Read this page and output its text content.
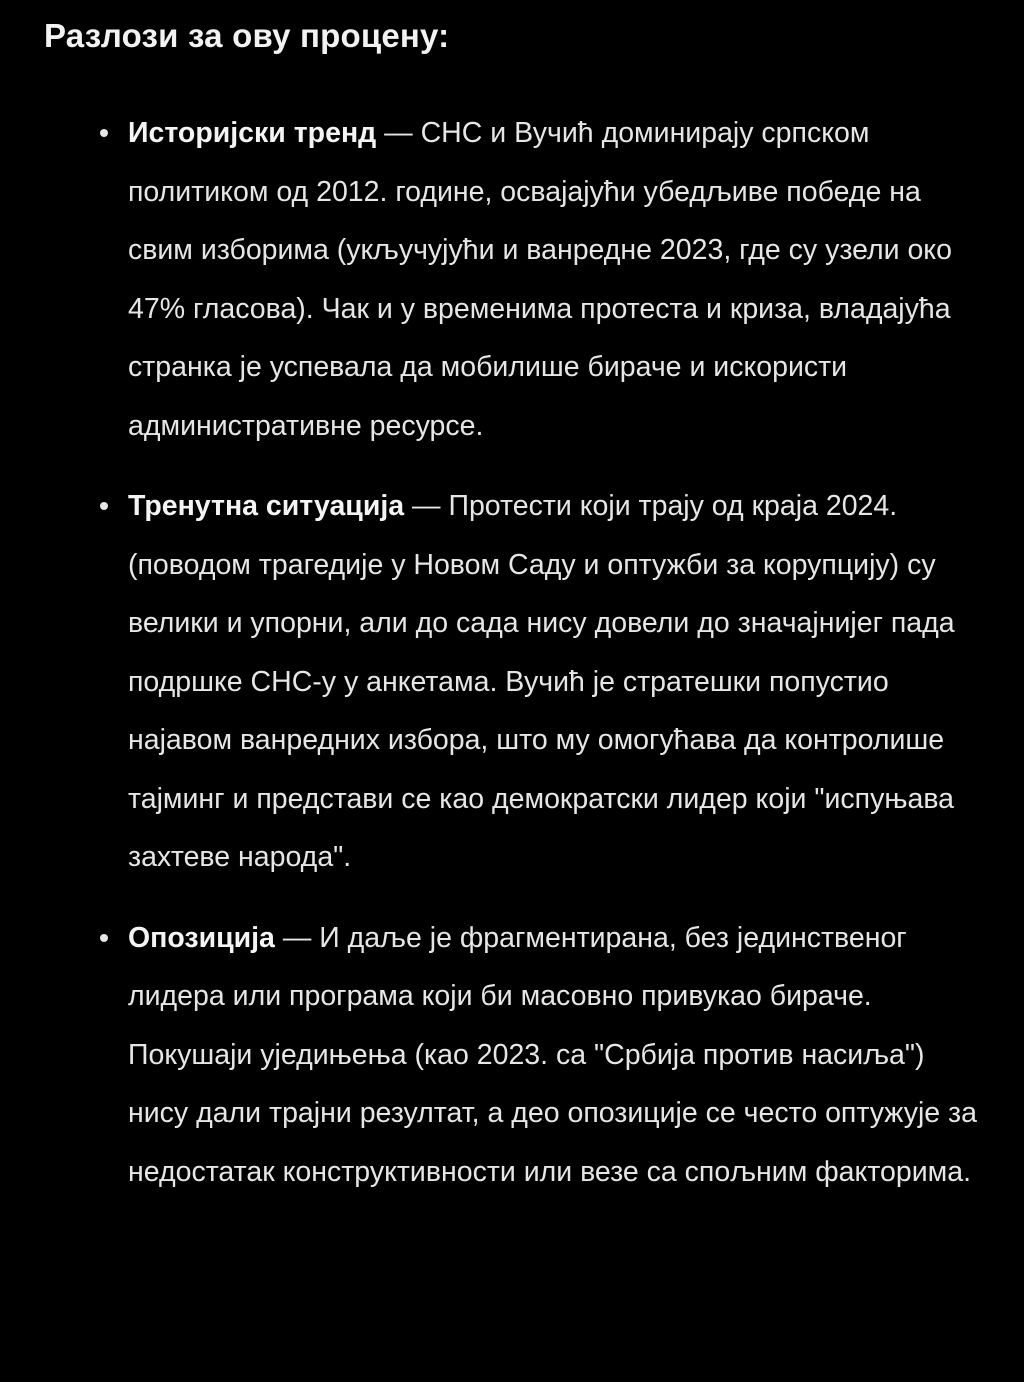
Разлози за ову процену:
Историјски тренд — СНС и Вучић доминирају српском политиком од 2012. године, освајајући убедљиве победе на свим изборима (укључујући и ванредне 2023, где су узели око 47% гласова). Чак и у временима протеста и криза, владајућа странка је успевала да мобилише бираче и искористи административне ресурсе.
Тренутна ситуација — Протести који трају од краја 2024. (поводом трагедије у Новом Саду и оптужби за корупцију) су велики и упорни, али до сада нису довели до значајнијег пада подршке СНС-у у анкетама. Вучић је стратешки попустио најавом ванредних избора, што му омогућава да контролише тајминг и представи се као демократски лидер који "испуњава захтеве народа".
Опозиција — И даље је фрагментирана, без јединственог лидера или програма који би масовно привукао бираче. Покушаји уједињења (као 2023. са "Србија против насиља") нису дали трајни резултат, а део опозиције се често оптужује за недостатак конструктивности или везе са спољним факторима.
